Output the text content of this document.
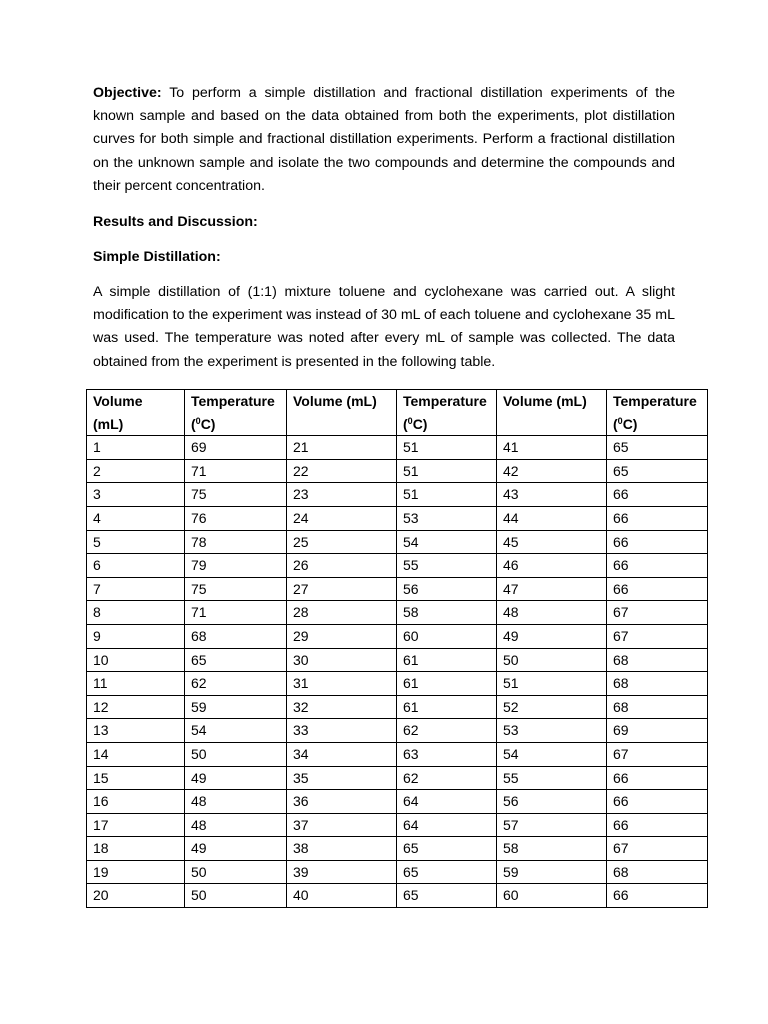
Objective: To perform a simple distillation and fractional distillation experiments of the known sample and based on the data obtained from both the experiments, plot distillation curves for both simple and fractional distillation experiments. Perform a fractional distillation on the unknown sample and isolate the two compounds and determine the compounds and their percent concentration.

Results and Discussion:

Simple Distillation:

A simple distillation of (1:1) mixture toluene and cyclohexane was carried out. A slight modification to the experiment was instead of 30 mL of each toluene and cyclohexane 35 mL was used. The temperature was noted after every mL of sample was collected. The data obtained from the experiment is presented in the following table.

Volume
(mL)	Temperature
($^0$C)	Volume (mL)	Temperature
($^0$C)	Volume (mL)	Temperature
($^0$C)
1	69	21	51	41	65
2	71	22	51	42	65
3	75	23	51	43	66
4	76	24	53	44	66
5	78	25	54	45	66
6	79	26	55	46	66
7	75	27	56	47	66
8	71	28	58	48	67
9	68	29	60	49	67
10	65	30	61	50	68
11	62	31	61	51	68
12	59	32	61	52	68
13	54	33	62	53	69
14	50	34	63	54	67
15	49	35	62	55	66
16	48	36	64	56	66
17	48	37	64	57	66
18	49	38	65	58	67
19	50	39	65	59	68
20	50	40	65	60	66
